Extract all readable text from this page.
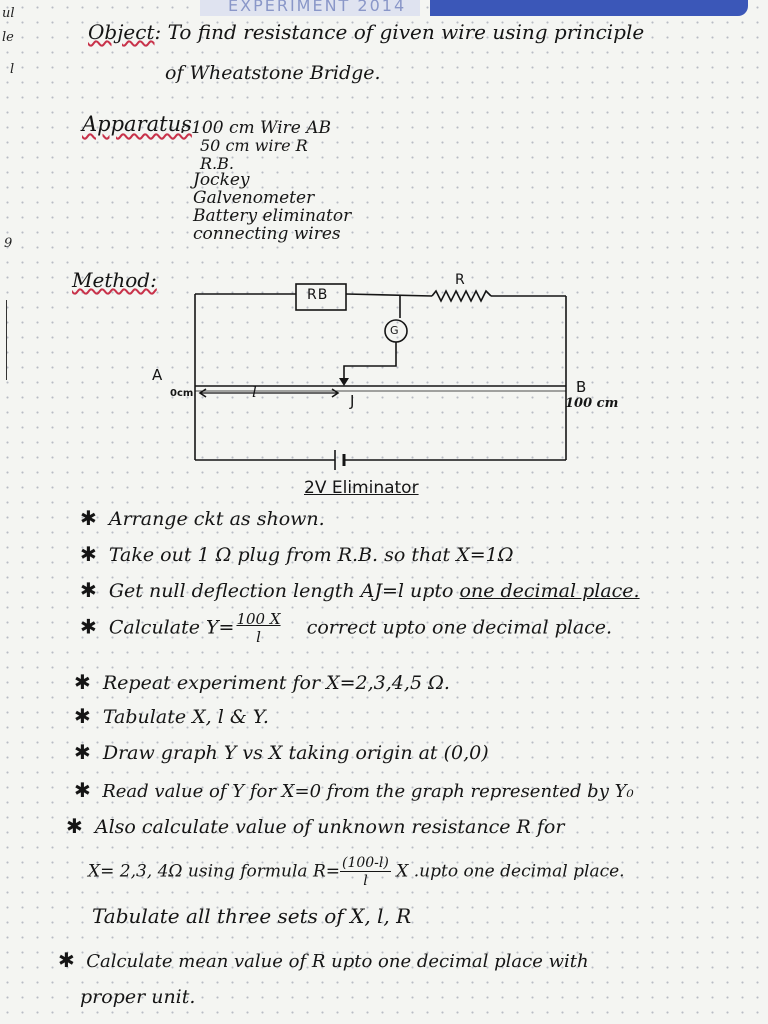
EXPERIMENT 2014
ul
le
l
9
Object: To find resistance of given wire using principle
of Wheatstone Bridge.
Apparatus
: 100 cm Wire AB
50 cm wire R
R.B.
Jockey
Galvenometer
Battery eliminator
connecting wires
Method:
RB
R
G
A
0cm	B
100 cm
l	J
2V Eliminator
✱ Arrange ckt as shown.
✱ Take out 1 Ω plug from R.B. so that X=1Ω
✱ Get null deflection length AJ=l upto one decimal place.
✱ Calculate $Y= \frac{100 X}{l}$ correct upto one decimal place.
✱ Repeat experiment for X=2,3,4,5 Ω.
✱ Tabulate X, l & Y.
✱ Draw graph Y vs X taking origin at (0,0)
✱ Read value of Y for X=0 from the graph represented by Y₀
✱ Also calculate value of unknown resistance R for
X= 2,3, 4Ω using formula $R= \frac{(100-l)}{l}$ X .upto one decimal place.
Tabulate all three sets of X, l, R
✱ Calculate mean value of R upto one decimal place with
proper unit.
